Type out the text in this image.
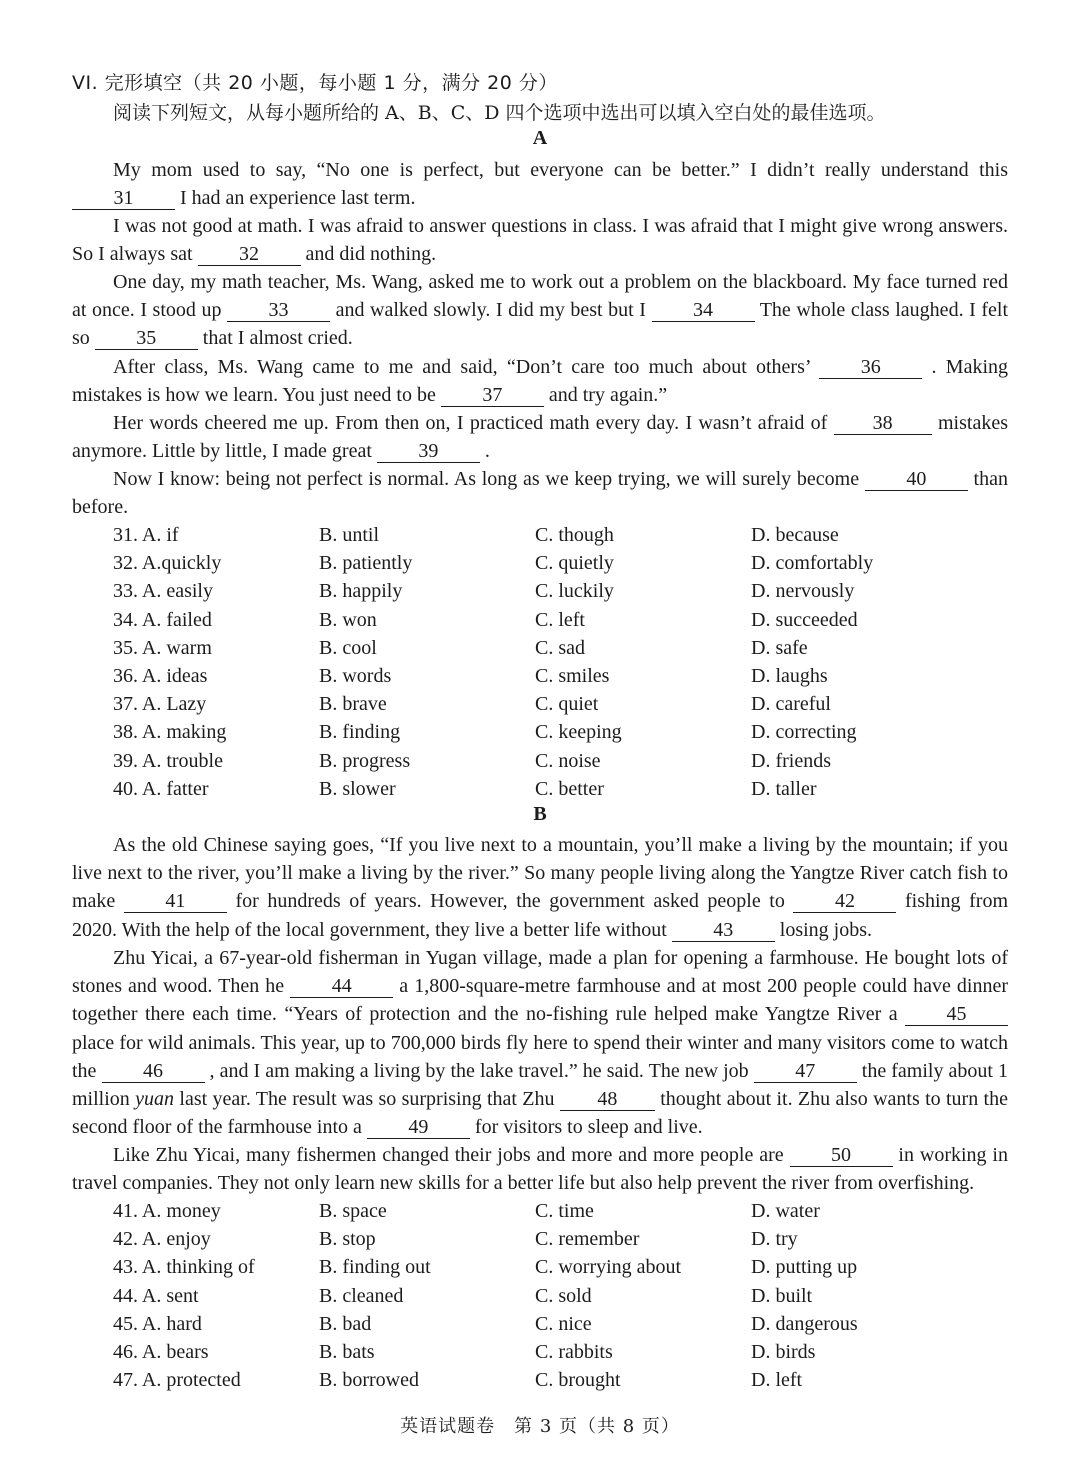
VI. 完形填空（共 20 小题，每小题 1 分，满分 20 分）
阅读下列短文，从每小题所给的 A、B、C、D 四个选项中选出可以填入空白处的最佳选项。
A

My mom used to say, “No one is perfect, but everyone can be better.” I didn’t really understand this 31 I had an experience last term.

I was not good at math. I was afraid to answer questions in class. I was afraid that I might give wrong answers. So I always sat 32 and did nothing.

One day, my math teacher, Ms. Wang, asked me to work out a problem on the blackboard. My face turned red at once. I stood up 33 and walked slowly. I did my best but I 34 The whole class laughed. I felt so 35 that I almost cried.

After class, Ms. Wang came to me and said, “Don’t care too much about others’ 36 . Making mistakes is how we learn. You just need to be 37 and try again.”

Her words cheered me up. From then on, I practiced math every day. I wasn’t afraid of 38 mistakes anymore. Little by little, I made great 39 .

Now I know: being not perfect is normal. As long as we keep trying, we will surely become 40 than before.

31. A. if	B. until	C. though	D. because
32. A.quickly	B. patiently	C. quietly	D. comfortably
33. A. easily	B. happily	C. luckily	D. nervously
34. A. failed	B. won	C. left	D. succeeded
35. A. warm	B. cool	C. sad	D. safe
36. A. ideas	B. words	C. smiles	D. laughs
37. A. Lazy	B. brave	C. quiet	D. careful
38. A. making	B. finding	C. keeping	D. correcting
39. A. trouble	B. progress	C. noise	D. friends
40. A. fatter	B. slower	C. better	D. taller
B

As the old Chinese saying goes, “If you live next to a mountain, you’ll make a living by the mountain; if you live next to the river, you’ll make a living by the river.” So many people living along the Yangtze River catch fish to make 41 for hundreds of years. However, the government asked people to 42 fishing from 2020. With the help of the local government, they live a better life without 43 losing jobs.

Zhu Yicai, a 67-year-old fisherman in Yugan village, made a plan for opening a farmhouse. He bought lots of stones and wood. Then he 44 a 1,800-square-metre farmhouse and at most 200 people could have dinner together there each time. “Years of protection and the no-fishing rule helped make Yangtze River a 45 place for wild animals. This year, up to 700,000 birds fly here to spend their winter and many visitors come to watch the 46 , and I am making a living by the lake travel.” he said. The new job 47 the family about 1 million yuan last year. The result was so surprising that Zhu 48 thought about it. Zhu also wants to turn the second floor of the farmhouse into a 49 for visitors to sleep and live.

Like Zhu Yicai, many fishermen changed their jobs and more and more people are 50 in working in travel companies. They not only learn new skills for a better life but also help prevent the river from overfishing.

41. A. money	B. space	C. time	D. water
42. A. enjoy	B. stop	C. remember	D. try
43. A. thinking of	B. finding out	C. worrying about	D. putting up
44. A. sent	B. cleaned	C. sold	D. built
45. A. hard	B. bad	C. nice	D. dangerous
46. A. bears	B. bats	C. rabbits	D. birds
47. A. protected	B. borrowed	C. brought	D. left
英语试题卷　第 3 页（共 8 页）
